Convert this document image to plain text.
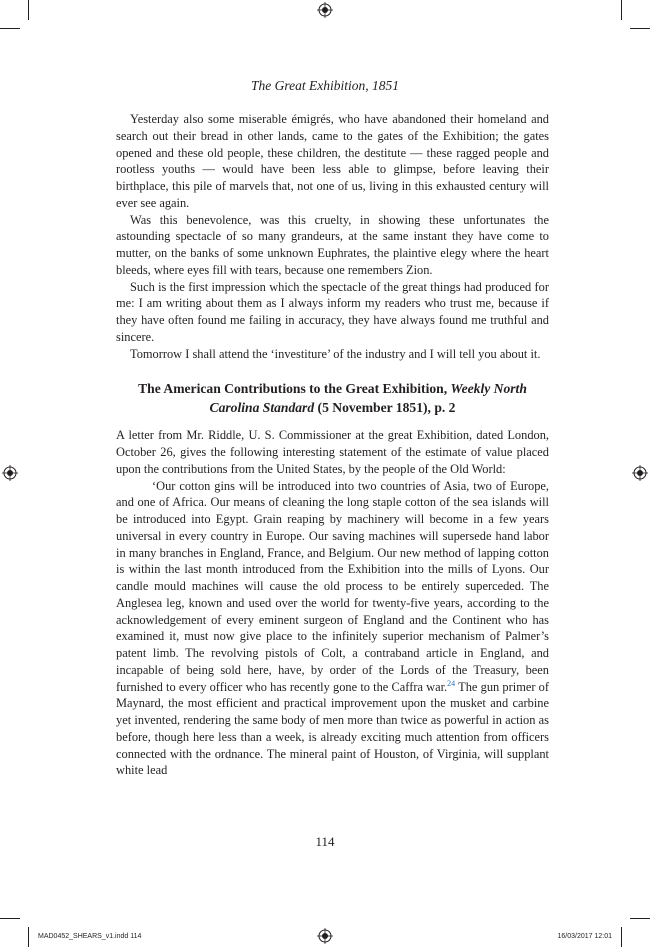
The Great Exhibition, 1851

Yesterday also some miserable émigrés, who have abandoned their homeland and search out their bread in other lands, came to the gates of the Exhibition; the gates opened and these old people, these children, the destitute — these ragged people and rootless youths — would have been less able to glimpse, before leaving their birthplace, this pile of marvels that, not one of us, living in this exhausted century will ever see again.

Was this benevolence, was this cruelty, in showing these unfortunates the astounding spectacle of so many grandeurs, at the same instant they have come to mutter, on the banks of some unknown Euphrates, the plaintive elegy where the heart bleeds, where eyes fill with tears, because one remembers Zion.

Such is the first impression which the spectacle of the great things had produced for me: I am writing about them as I always inform my readers who trust me, because if they have often found me failing in accuracy, they have always found me truthful and sincere.

Tomorrow I shall attend the ‘investiture’ of the industry and I will tell you about it.

The American Contributions to the Great Exhibition, Weekly North Carolina Standard (5 November 1851), p. 2

A letter from Mr. Riddle, U. S. Commissioner at the great Exhibition, dated London, October 26, gives the following interesting statement of the estimate of value placed upon the contributions from the United States, by the people of the Old World:

‘Our cotton gins will be introduced into two countries of Asia, two of Europe, and one of Africa. Our means of cleaning the long staple cotton of the sea islands will be introduced into Egypt. Grain reaping by machinery will become in a few years universal in every country in Europe. Our saving machines will supersede hand labor in many branches in England, France, and Belgium. Our new method of lapping cotton is within the last month introduced from the Exhibition into the mills of Lyons. Our candle mould machines will cause the old process to be entirely superceded. The Anglesea leg, known and used over the world for twenty-five years, according to the acknowledgement of every eminent surgeon of England and the Continent who has examined it, must now give place to the infinitely superior mechanism of Palmer’s patent limb. The revolving pistols of Colt, a contraband article in England, and incapable of being sold here, have, by order of the Lords of the Treasury, been furnished to every officer who has recently gone to the Caffra war.$^{24}$ The gun primer of Maynard, the most efficient and practical improvement upon the musket and carbine yet invented, rendering the same body of men more than twice as powerful in action as before, though here less than a week, is already exciting much attention from officers connected with the ordnance. The mineral paint of Houston, of Virginia, will supplant white lead

114
MAD0452_SHEARS_v1.indd 114	16/03/2017 12:01
